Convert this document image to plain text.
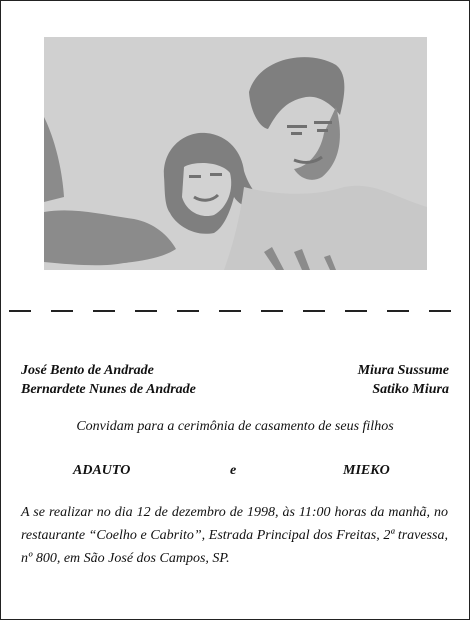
José Bento de Andrade
Bernardete Nunes de Andrade
Miura Sussume
Satiko Miura
Convidam para a cerimônia de casamento de seus filhos
ADAUTO	e	MIEKO
A se realizar no dia 12 de dezembro de 1998, às 11:00 horas da manhã, no restaurante “Coelho e Cabrito”, Estrada Principal dos Freitas, 2ª travessa, nº 800, em São José dos Campos, SP.
